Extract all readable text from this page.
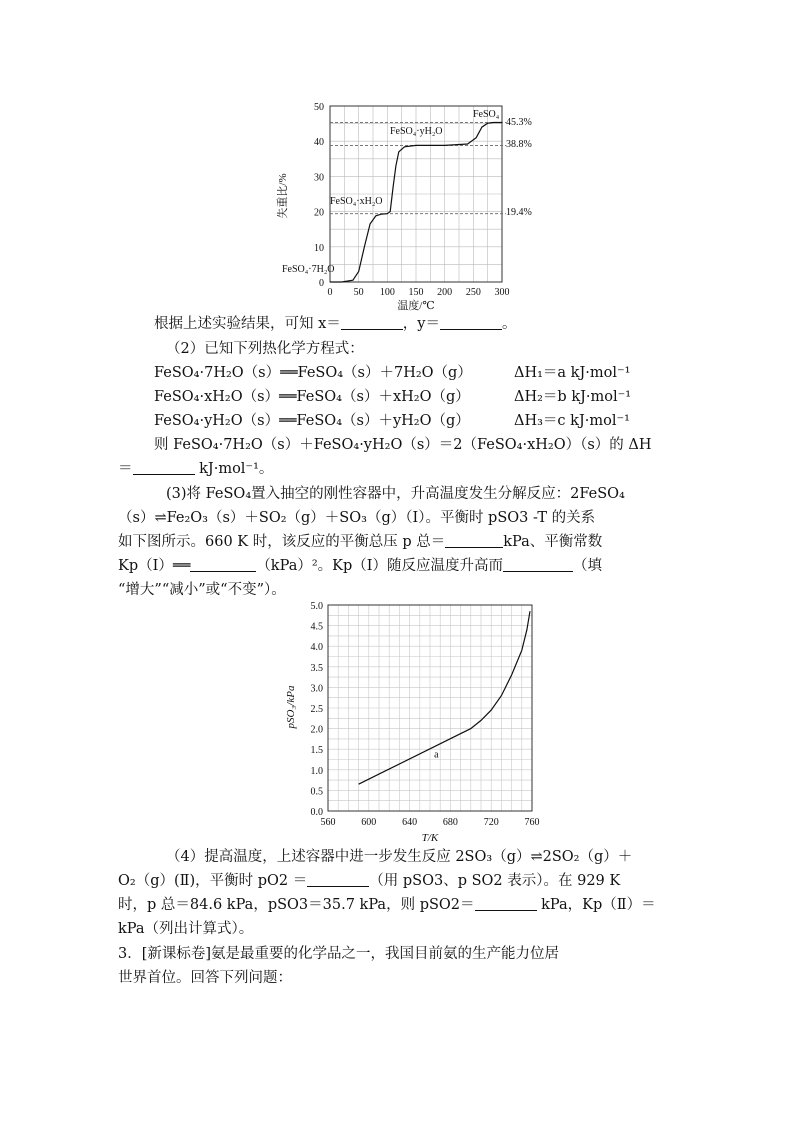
0 50 100 150 200 250 300
0
10
20
30
40
50
失重比/%
温度/℃
FeSO₄·7H₂O
FeSO₄·xH₂O
FeSO₄·yH₂O
FeSO₄
45.3%
38.8%
19.4%
根据上述实验结果，可知 x＝	，y＝	。
（2）已知下列热化学方程式：
FeSO₄·7H₂O（s）══FeSO₄（s）＋7H₂O（g）	ΔH₁＝a kJ·mol⁻¹
FeSO₄·xH₂O（s）══FeSO₄（s）＋xH₂O（g）	ΔH₂＝b kJ·mol⁻¹
FeSO₄·yH₂O（s）══FeSO₄（s）＋yH₂O（g）	ΔH₃＝c kJ·mol⁻¹
则 FeSO₄·7H₂O（s）＋FeSO₄·yH₂O（s）＝2（FeSO₄·xH₂O）（s）的 ΔH
＝	kJ·mol⁻¹。
(3)将 FeSO₄置入抽空的刚性容器中，升高温度发生分解反应：2FeSO₄
（s）⇌Fe₂O₃（s）＋SO₂（g）＋SO₃（g）（Ⅰ）。平衡时 pSO3 -T 的关系
如下图所示。660 K 时，该反应的平衡总压 p 总＝	kPa、平衡常数
Kp（Ⅰ）══	（kPa）²。Kp（Ⅰ）随反应温度升高而	（填
“增大”“减小”或“不变”）。
560	600	640	680	720	760
0.0
0.5
1.0
1.5
2.0
2.5
3.0
3.5
4.0
4.5
5.0
pSO₃/kPa
T/K
a
（4）提高温度，上述容器中进一步发生反应 2SO₃（g）⇌2SO₂（g）＋
O₂（g）(Ⅱ)，平衡时 pO2 ＝	（用 pSO3、p SO2 表示）。在 929 K
时，p 总＝84.6 kPa，pSO3＝35.7 kPa，则 pSO2＝	kPa，Kp（Ⅱ）＝
kPa（列出计算式）。
3．[新课标卷]氨是最重要的化学品之一，我国目前氨的生产能力位居
世界首位。回答下列问题：
